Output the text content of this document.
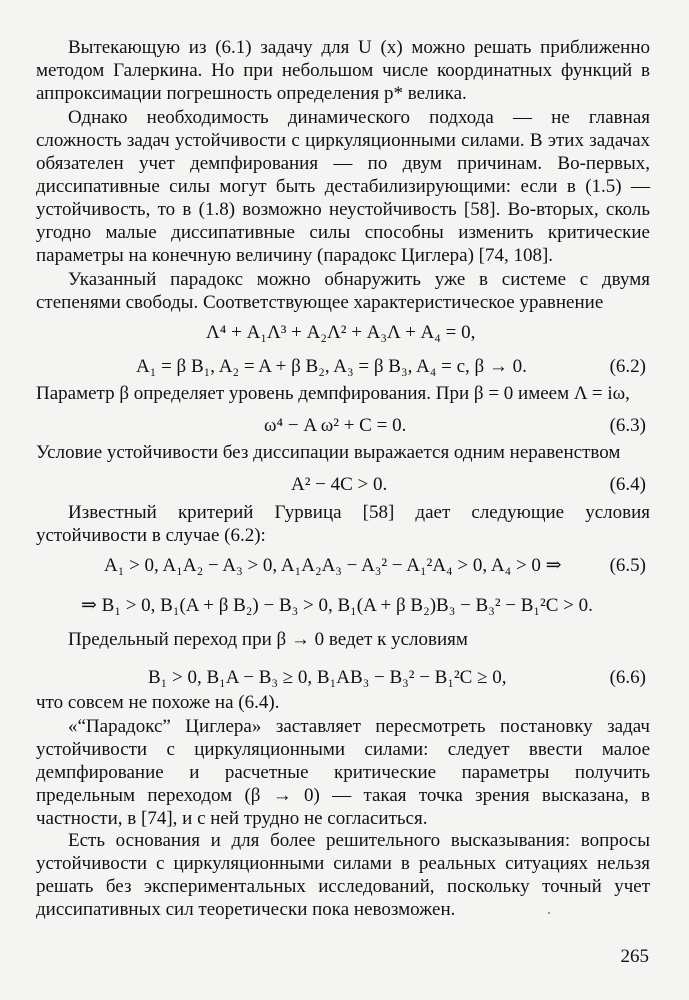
Вытекающую из (6.1) задачу для U (x) можно решать приближенно методом Галеркина. Но при небольшом числе координатных функций в аппроксимации погрешность определения p* велика.

Однако необходимость динамического подхода — не главная сложность задач устойчивости с циркуляционными силами. В этих задачах обязателен учет демпфирования — по двум причинам. Во-первых, диссипативные силы могут быть дестабилизирующими: если в (1.5) — устойчивость, то в (1.8) возможно неустойчивость [58]. Во-вторых, сколь угодно малые диссипативные силы способны изменить критические параметры на конечную величину (парадокс Циглера) [74, 108].

Указанный парадокс можно обнаружить уже в системе с двумя степенями свободы. Соответствующее характеристическое уравнение

Λ⁴ + A₁Λ³ + A₂Λ² + A₃Λ + A₄ = 0,
A₁ = β B₁, A₂ = A + β B₂, A₃ = β B₃, A₄ = c, β → 0.	(6.2)

Параметр β определяет уровень демпфирования. При β = 0 имеем Λ = iω,

ω⁴ − A ω² + C = 0.	(6.3)

Условие устойчивости без диссипации выражается одним неравенством

A² − 4C > 0.	(6.4)

Известный критерий Гурвица [58] дает следующие условия устойчивости в случае (6.2):

A₁ > 0, A₁A₂ − A₃ > 0, A₁A₂A₃ − A₃² − A₁²A₄ > 0, A₄ > 0 ⇒	(6.5)
⇒ B₁ > 0, B₁(A + β B₂) − B₃ > 0, B₁(A + β B₂)B₃ − B₃² − B₁²C > 0.

Предельный переход при β → 0 ведет к условиям

B₁ > 0, B₁A − B₃ ≥ 0, B₁AB₃ − B₃² − B₁²C ≥ 0,	(6.6)

что совсем не похоже на (6.4).

«“Парадокс” Циглера» заставляет пересмотреть постановку задач устойчивости с циркуляционными силами: следует ввести малое демпфирование и расчетные критические параметры получить предельным переходом (β → 0) — такая точка зрения высказана, в частности, в [74], и с ней трудно не согласиться.

Есть основания и для более решительного высказывания: вопросы устойчивости с циркуляционными силами в реальных ситуациях нельзя решать без экспериментальных исследований, поскольку точный учет диссипативных сил теоретически пока невозможен.

265
